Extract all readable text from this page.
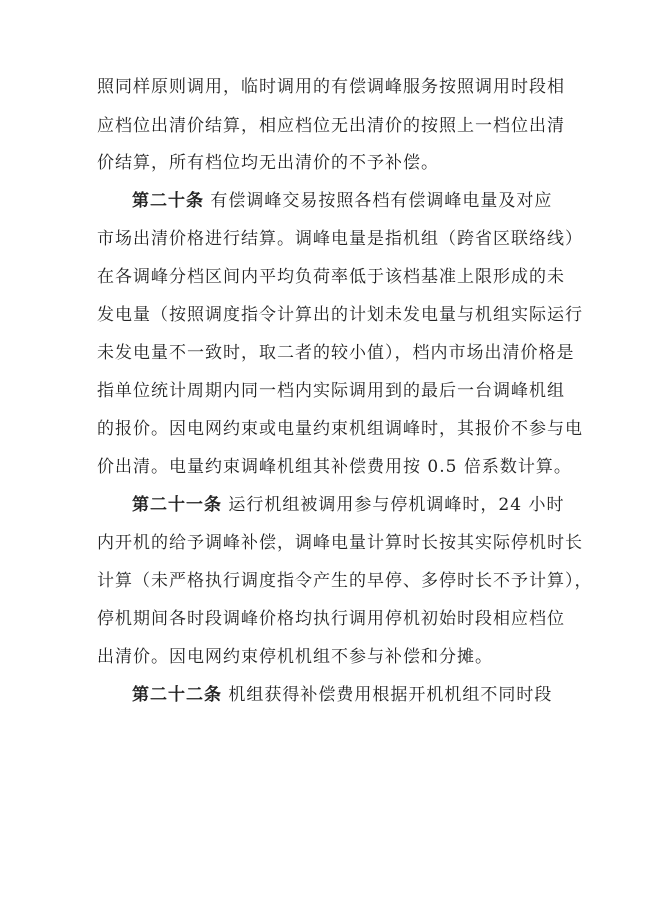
照同样原则调用，临时调用的有偿调峰服务按照调用时段相
应档位出清价结算，相应档位无出清价的按照上一档位出清
价结算，所有档位均无出清价的不予补偿。
第二十条 有偿调峰交易按照各档有偿调峰电量及对应
市场出清价格进行结算。调峰电量是指机组（跨省区联络线）
在各调峰分档区间内平均负荷率低于该档基准上限形成的未
发电量（按照调度指令计算出的计划未发电量与机组实际运行
未发电量不一致时，取二者的较小值），档内市场出清价格是
指单位统计周期内同一档内实际调用到的最后一台调峰机组
的报价。因电网约束或电量约束机组调峰时，其报价不参与电
价出清。电量约束调峰机组其补偿费用按 0.5 倍系数计算。
第二十一条 运行机组被调用参与停机调峰时，24 小时
内开机的给予调峰补偿，调峰电量计算时长按其实际停机时长
计算（未严格执行调度指令产生的早停、多停时长不予计算），
停机期间各时段调峰价格均执行调用停机初始时段相应档位
出清价。因电网约束停机机组不参与补偿和分摊。
第二十二条 机组获得补偿费用根据开机机组不同时段
